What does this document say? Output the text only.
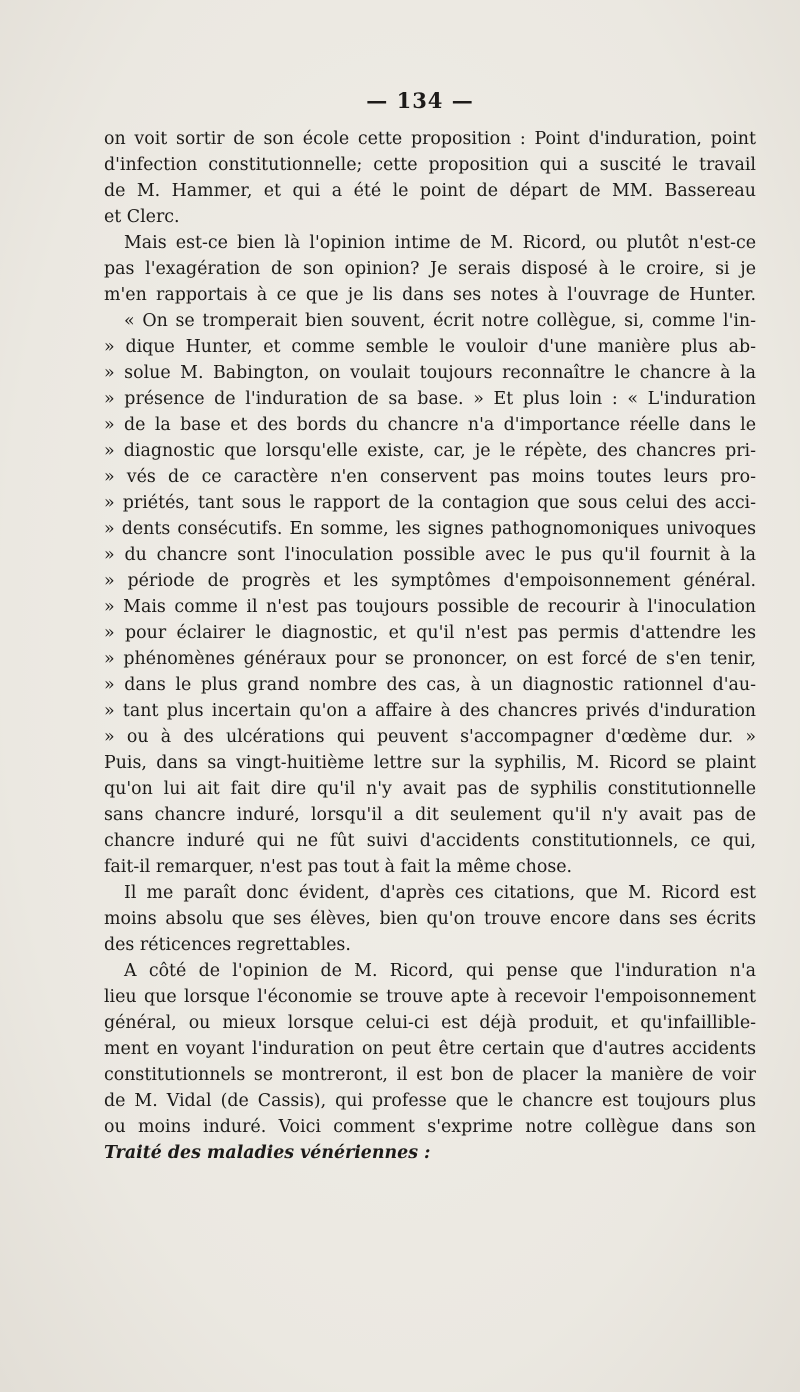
— 134 —
on voit sortir de son école cette proposition : Point d'induration, point
d'infection constitutionnelle; cette proposition qui a suscité le travail
de M. Hammer, et qui a été le point de départ de MM. Bassereau
et Clerc.
Mais est-ce bien là l'opinion intime de M. Ricord, ou plutôt n'est-ce
pas l'exagération de son opinion? Je serais disposé à le croire, si je
m'en rapportais à ce que je lis dans ses notes à l'ouvrage de Hunter.
« On se tromperait bien souvent, écrit notre collègue, si, comme l'in-
» dique Hunter, et comme semble le vouloir d'une manière plus ab-
» solue M. Babington, on voulait toujours reconnaître le chancre à la
» présence de l'induration de sa base. » Et plus loin : « L'induration
» de la base et des bords du chancre n'a d'importance réelle dans le
» diagnostic que lorsqu'elle existe, car, je le répète, des chancres pri-
» vés de ce caractère n'en conservent pas moins toutes leurs pro-
» priétés, tant sous le rapport de la contagion que sous celui des acci-
» dents consécutifs. En somme, les signes pathognomoniques univoques
» du chancre sont l'inoculation possible avec le pus qu'il fournit à la
» période de progrès et les symptômes d'empoisonnement général.
» Mais comme il n'est pas toujours possible de recourir à l'inoculation
» pour éclairer le diagnostic, et qu'il n'est pas permis d'attendre les
» phénomènes généraux pour se prononcer, on est forcé de s'en tenir,
» dans le plus grand nombre des cas, à un diagnostic rationnel d'au-
» tant plus incertain qu'on a affaire à des chancres privés d'induration
» ou à des ulcérations qui peuvent s'accompagner d'œdème dur. »
Puis, dans sa vingt-huitième lettre sur la syphilis, M. Ricord se plaint
qu'on lui ait fait dire qu'il n'y avait pas de syphilis constitutionnelle
sans chancre induré, lorsqu'il a dit seulement qu'il n'y avait pas de
chancre induré qui ne fût suivi d'accidents constitutionnels, ce qui,
fait-il remarquer, n'est pas tout à fait la même chose.
Il me paraît donc évident, d'après ces citations, que M. Ricord est
moins absolu que ses élèves, bien qu'on trouve encore dans ses écrits
des réticences regrettables.
A côté de l'opinion de M. Ricord, qui pense que l'induration n'a
lieu que lorsque l'économie se trouve apte à recevoir l'empoisonnement
général, ou mieux lorsque celui-ci est déjà produit, et qu'infaillible-
ment en voyant l'induration on peut être certain que d'autres accidents
constitutionnels se montreront, il est bon de placer la manière de voir
de M. Vidal (de Cassis), qui professe que le chancre est toujours plus
ou moins induré. Voici comment s'exprime notre collègue dans son
Traité des maladies vénériennes :
